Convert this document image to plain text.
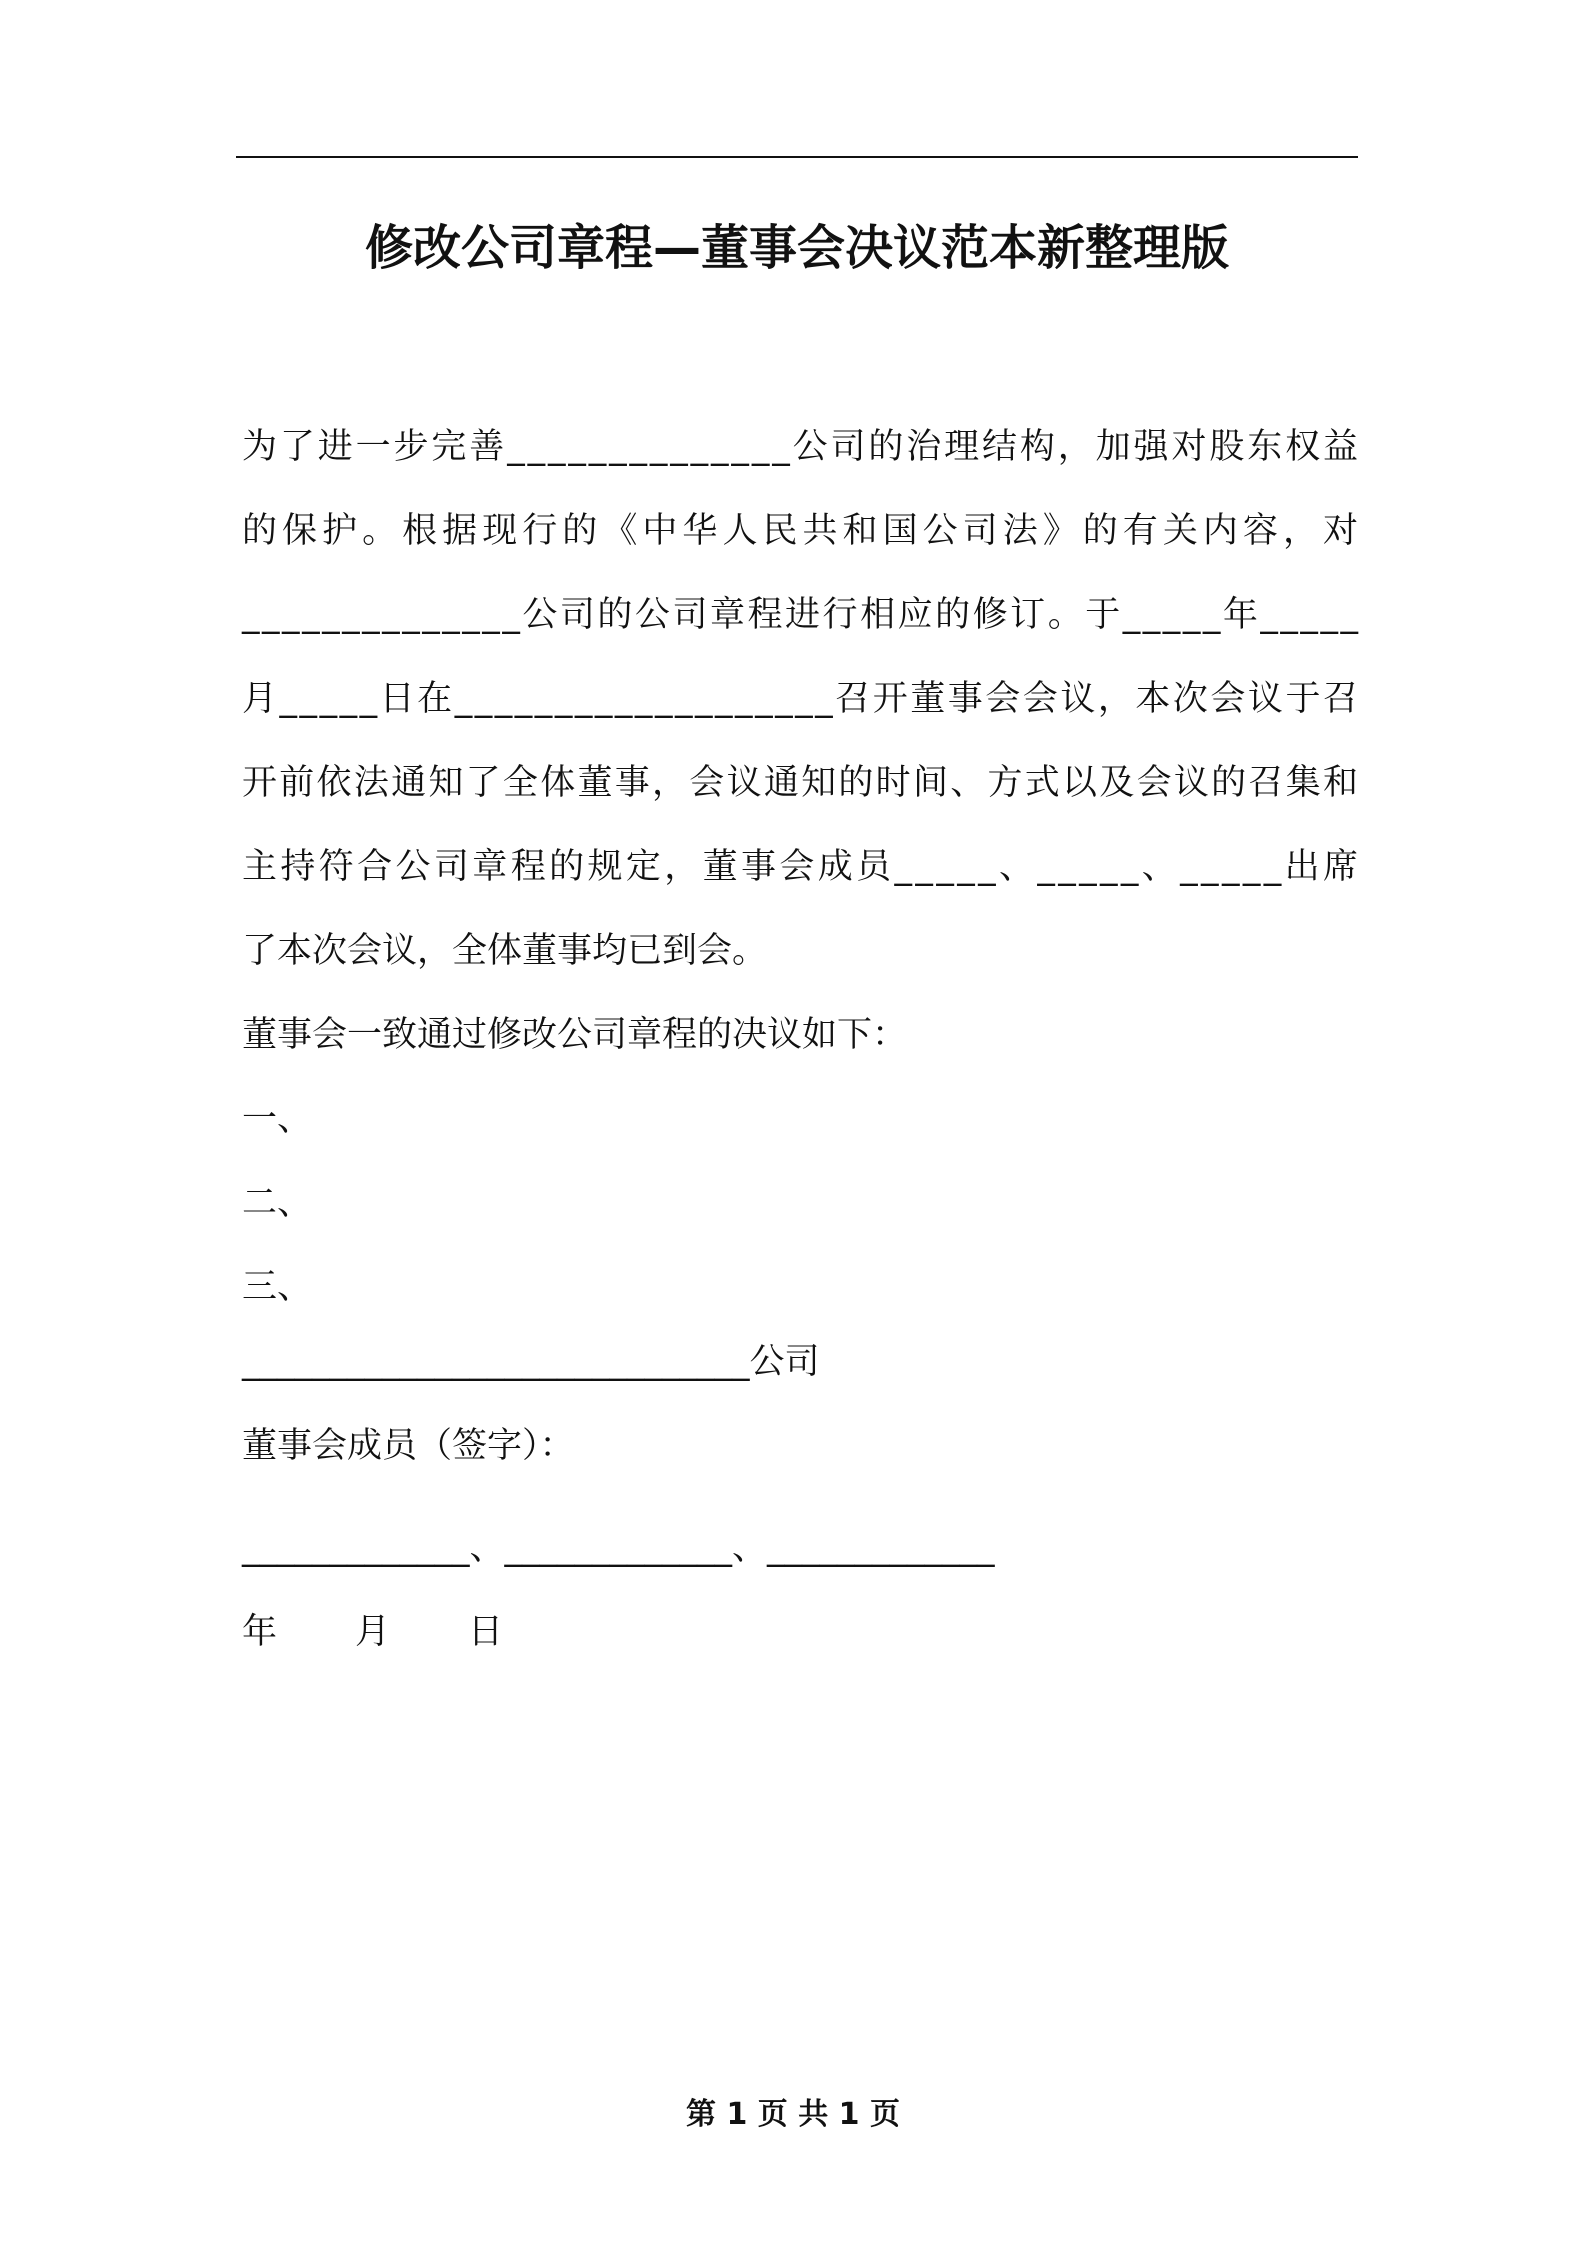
修改公司章程—董事会决议范本新整理版
为了进一步完善______________公司的治理结构，加强对股东权益
的保护。根据现行的《中华人民共和国公司法》的有关内容，对
______________公司的公司章程进行相应的修订。于_____年_____
月_____日在___________________召开董事会会议，本次会议于召
开前依法通知了全体董事，会议通知的时间、方式以及会议的召集和
主持符合公司章程的规定，董事会成员_____、_____、_____出席
了本次会议，全体董事均已到会。
董事会一致通过修改公司章程的决议如下：
一、
二、
三、
_____________________________公司
董事会成员（签字）：
_____________、_____________、_____________
年 月 日
第 1 页 共 1 页
